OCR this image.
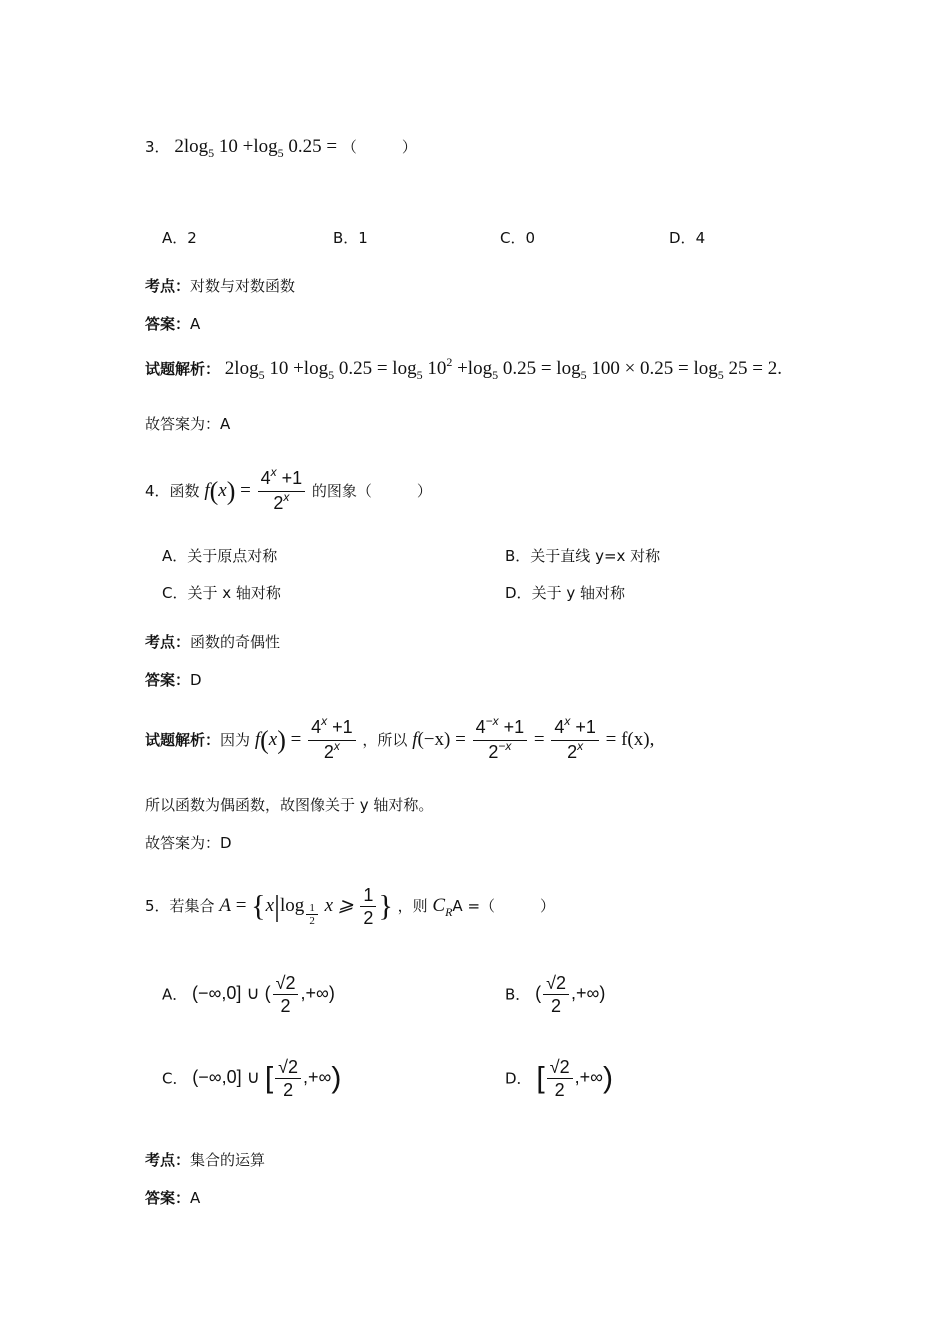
3． $2\log_5$ $10 +\log_5$ 0.25 = （　　　）
A．2	B．1	C．0	D．4
考点：对数与对数函数
答案：A
试题解析： $2\log_5$ $10 +\log_5$ $0.25 = \log_5 10^2 +\log_5$ $0.25 = \log_5 100 \times 0.25 = \log_5 25 = 2$.
故答案为：A
4．函数 $f(x) = \frac{4^x +1}{2^x}$ 的图象（　　　）
A．关于原点对称	B．关于直线 y=x 对称
C．关于 x 轴对称	D．关于 y 轴对称
考点：函数的奇偶性
答案：D
试题解析：因为 $f(x) = \frac{4^x +1}{2^x}$ ，所以 $f(-x) = \frac{4^{-x} +1}{2^{-x}} = \frac{4^x +1}{2^x} = f(x)$,
所以函数为偶函数，故图像关于 y 轴对称。
故答案为：D
5．若集合 $A = \{x|\log \frac{1}{2}$ x ⩾ $\frac{1}{2}$ } ，则 $C_RA$ =（　　　）
A． (−∞,0] ∪ ( $\frac{√2}{2}$ ,+∞)	B． ( $\frac{√2}{2}$ ,+∞)
C． (−∞,0] ∪ [ $\frac{√2}{2}$ ,+∞)	D． [ $\frac{√2}{2}$ ,+∞)
考点：集合的运算
答案：A
